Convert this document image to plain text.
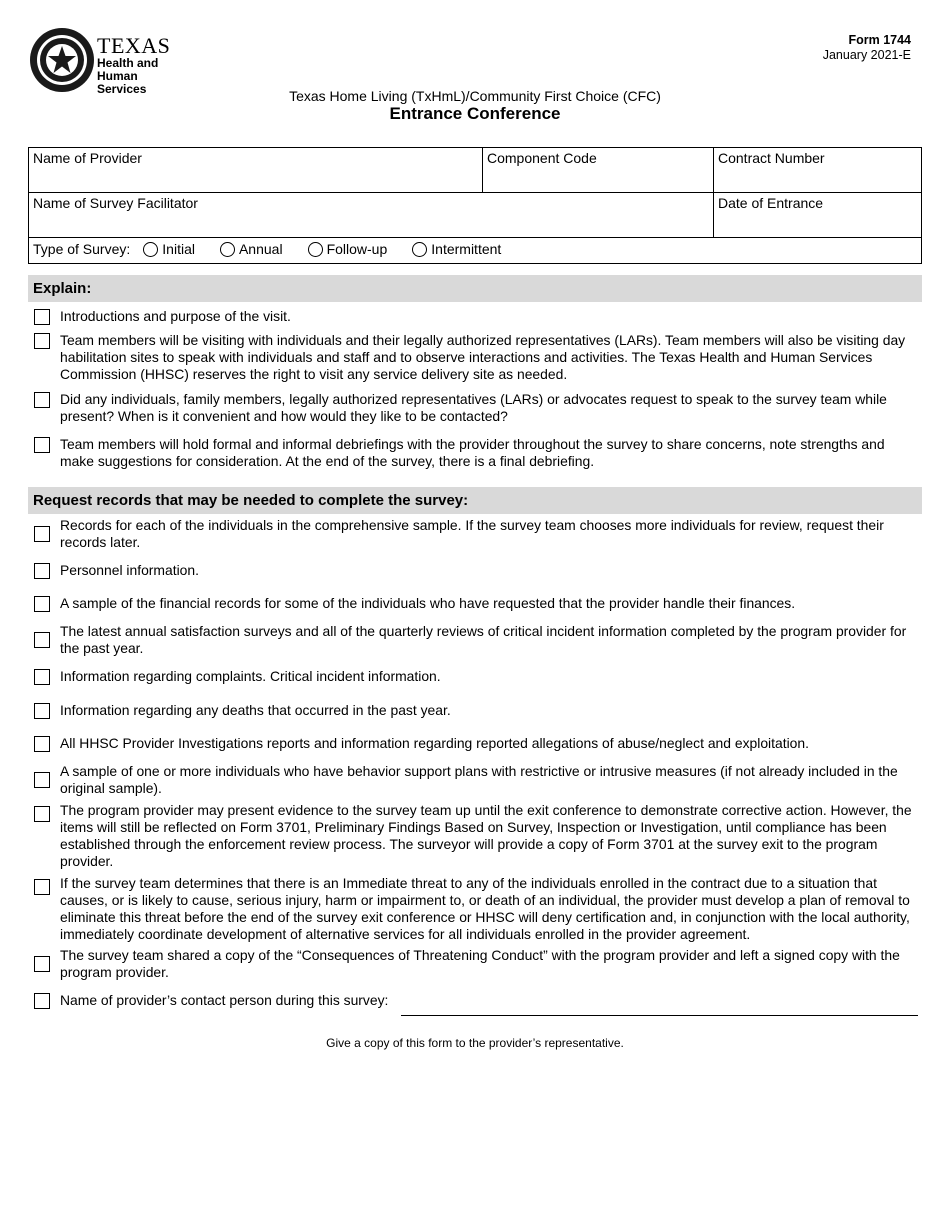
TEXAS
Health and Human
Services
Form 1744
January 2021-E
Texas Home Living (TxHmL)/Community First Choice (CFC)
Entrance Conference
Name of Provider	Component Code	Contract Number
Name of Survey Facilitator	Date of Entrance
Type of Survey: Initial	Annual	Follow-up	Intermittent
Explain:
Introductions and purpose of the visit.
Team members will be visiting with individuals and their legally authorized representatives (LARs). Team members will also be visiting day habilitation sites to speak with individuals and staff and to observe interactions and activities. The Texas Health and Human Services Commission (HHSC) reserves the right to visit any service delivery site as needed.
Did any individuals, family members, legally authorized representatives (LARs) or advocates request to speak to the survey team while present? When is it convenient and how would they like to be contacted?
Team members will hold formal and informal debriefings with the provider throughout the survey to share concerns, note strengths and make suggestions for consideration. At the end of the survey, there is a final debriefing.
Request records that may be needed to complete the survey:
Records for each of the individuals in the comprehensive sample. If the survey team chooses more individuals for review, request their records later.
Personnel information.
A sample of the financial records for some of the individuals who have requested that the provider handle their finances.
The latest annual satisfaction surveys and all of the quarterly reviews of critical incident information completed by the program provider for the past year.
Information regarding complaints. Critical incident information.
Information regarding any deaths that occurred in the past year.
All HHSC Provider Investigations reports and information regarding reported allegations of abuse/neglect and exploitation.
A sample of one or more individuals who have behavior support plans with restrictive or intrusive measures (if not already included in the original sample).
The program provider may present evidence to the survey team up until the exit conference to demonstrate corrective action. However, the items will still be reflected on Form 3701, Preliminary Findings Based on Survey, Inspection or Investigation, until compliance has been established through the enforcement review process. The surveyor will provide a copy of Form 3701 at the survey exit to the program provider.
If the survey team determines that there is an Immediate threat to any of the individuals enrolled in the contract due to a situation that causes, or is likely to cause, serious injury, harm or impairment to, or death of an individual, the provider must develop a plan of removal to eliminate this threat before the end of the survey exit conference or HHSC will deny certification and, in conjunction with the local authority, immediately coordinate development of alternative services for all individuals enrolled in the provider agreement.
The survey team shared a copy of the “Consequences of Threatening Conduct” with the program provider and left a signed copy with the program provider.
Name of provider’s contact person during this survey:
Give a copy of this form to the provider’s representative.
